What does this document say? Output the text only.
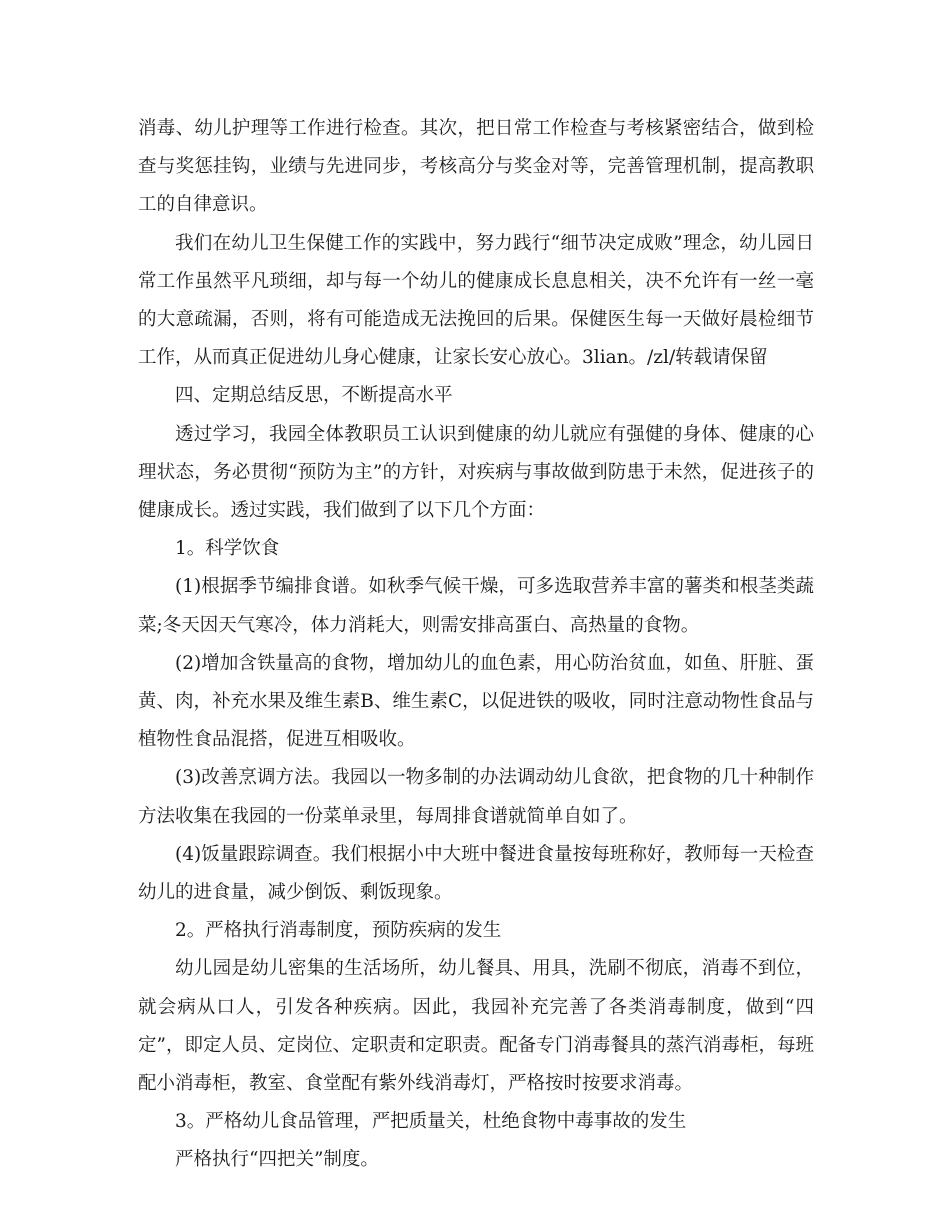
消毒、幼儿护理等工作进行检查。其次，把日常工作检查与考核紧密结合，做到检查与奖惩挂钩，业绩与先进同步，考核高分与奖金对等，完善管理机制，提高教职工的自律意识。

我们在幼儿卫生保健工作的实践中，努力践行“细节决定成败”理念，幼儿园日常工作虽然平凡琐细，却与每一个幼儿的健康成长息息相关，决不允许有一丝一毫的大意疏漏，否则，将有可能造成无法挽回的后果。保健医生每一天做好晨检细节工作，从而真正促进幼儿身心健康，让家长安心放心。3lian。/zl/转载请保留

四、定期总结反思，不断提高水平

透过学习，我园全体教职员工认识到健康的幼儿就应有强健的身体、健康的心理状态，务必贯彻“预防为主”的方针，对疾病与事故做到防患于未然，促进孩子的健康成长。透过实践，我们做到了以下几个方面：

1。科学饮食

(1)根据季节编排食谱。如秋季气候干燥，可多选取营养丰富的薯类和根茎类蔬菜;冬天因天气寒冷，体力消耗大，则需安排高蛋白、高热量的食物。

(2)增加含铁量高的食物，增加幼儿的血色素，用心防治贫血，如鱼、肝脏、蛋黄、肉，补充水果及维生素B、维生素C，以促进铁的吸收，同时注意动物性食品与植物性食品混搭，促进互相吸收。

(3)改善烹调方法。我园以一物多制的办法调动幼儿食欲，把食物的几十种制作方法收集在我园的一份菜单录里，每周排食谱就简单自如了。

(4)饭量跟踪调查。我们根据小中大班中餐进食量按每班称好，教师每一天检查幼儿的进食量，减少倒饭、剩饭现象。

2。严格执行消毒制度，预防疾病的发生

幼儿园是幼儿密集的生活场所，幼儿餐具、用具，洗刷不彻底，消毒不到位，就会病从口人，引发各种疾病。因此，我园补充完善了各类消毒制度，做到“四定”，即定人员、定岗位、定职责和定职责。配备专门消毒餐具的蒸汽消毒柜，每班配小消毒柜，教室、食堂配有紫外线消毒灯，严格按时按要求消毒。

3。严格幼儿食品管理，严把质量关，杜绝食物中毒事故的发生

严格执行“四把关”制度。
